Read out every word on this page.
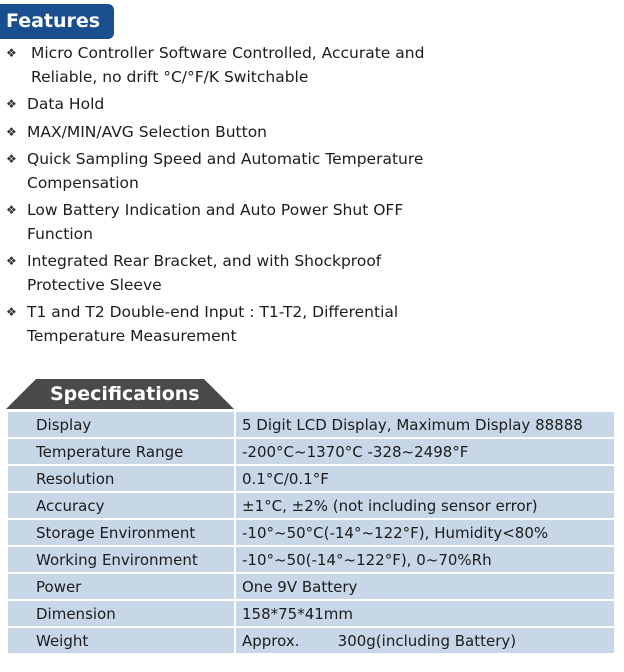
Features
❖ Micro Controller Software Controlled, Accurate and
Reliable, no drift °C/°F/K Switchable
❖ Data Hold
❖ MAX/MIN/AVG Selection Button
❖ Quick Sampling Speed and Automatic Temperature
Compensation
❖ Low Battery Indication and Auto Power Shut OFF
Function
❖ Integrated Rear Bracket, and with Shockproof
Protective Sleeve
❖ T1 and T2 Double-end Input : T1-T2, Differential
Temperature Measurement
Specifications
Display	5 Digit LCD Display, Maximum Display 88888
Temperature Range	-200°C~1370°C -328~2498°F
Resolution	0.1°C/0.1°F
Accuracy	±1°C, ±2% (not including sensor error)
Storage Environment	-10°~50°C(-14°~122°F), Humidity<80%
Working Environment	-10°~50(-14°~122°F), 0~70%Rh
Power	One 9V Battery
Dimension	158*75*41mm
Weight	Approx.        300g(including Battery)
